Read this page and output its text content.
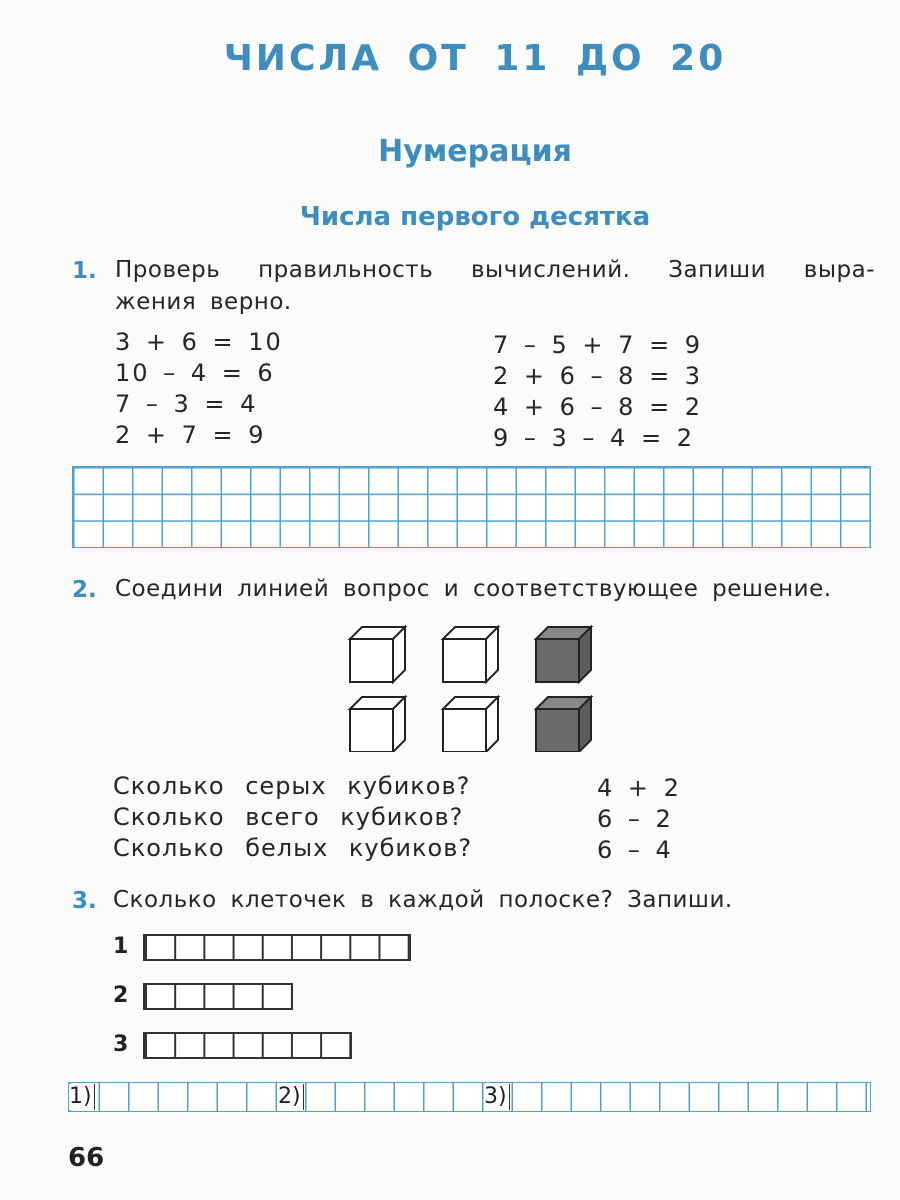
ЧИСЛА ОТ 11 ДО 20
Нумерация
Числа первого десятка
1. Проверь правильность вычислений. Запиши выра-
жения верно.
3 + 6 = 10
10 – 4 = 6
7 – 3 = 4
2 + 7 = 9
7 – 5 + 7 = 9
2 + 6 – 8 = 3
4 + 6 – 8 = 2
9 – 3 – 4 = 2
2. Соедини линией вопрос и соответствующее решение.
Сколько серых кубиков?
Сколько всего кубиков?
Сколько белых кубиков?
4 + 2
6 – 2
6 – 4
3. Сколько клеточек в каждой полоске? Запиши.
1
2
3
1)	2)	3)
66
